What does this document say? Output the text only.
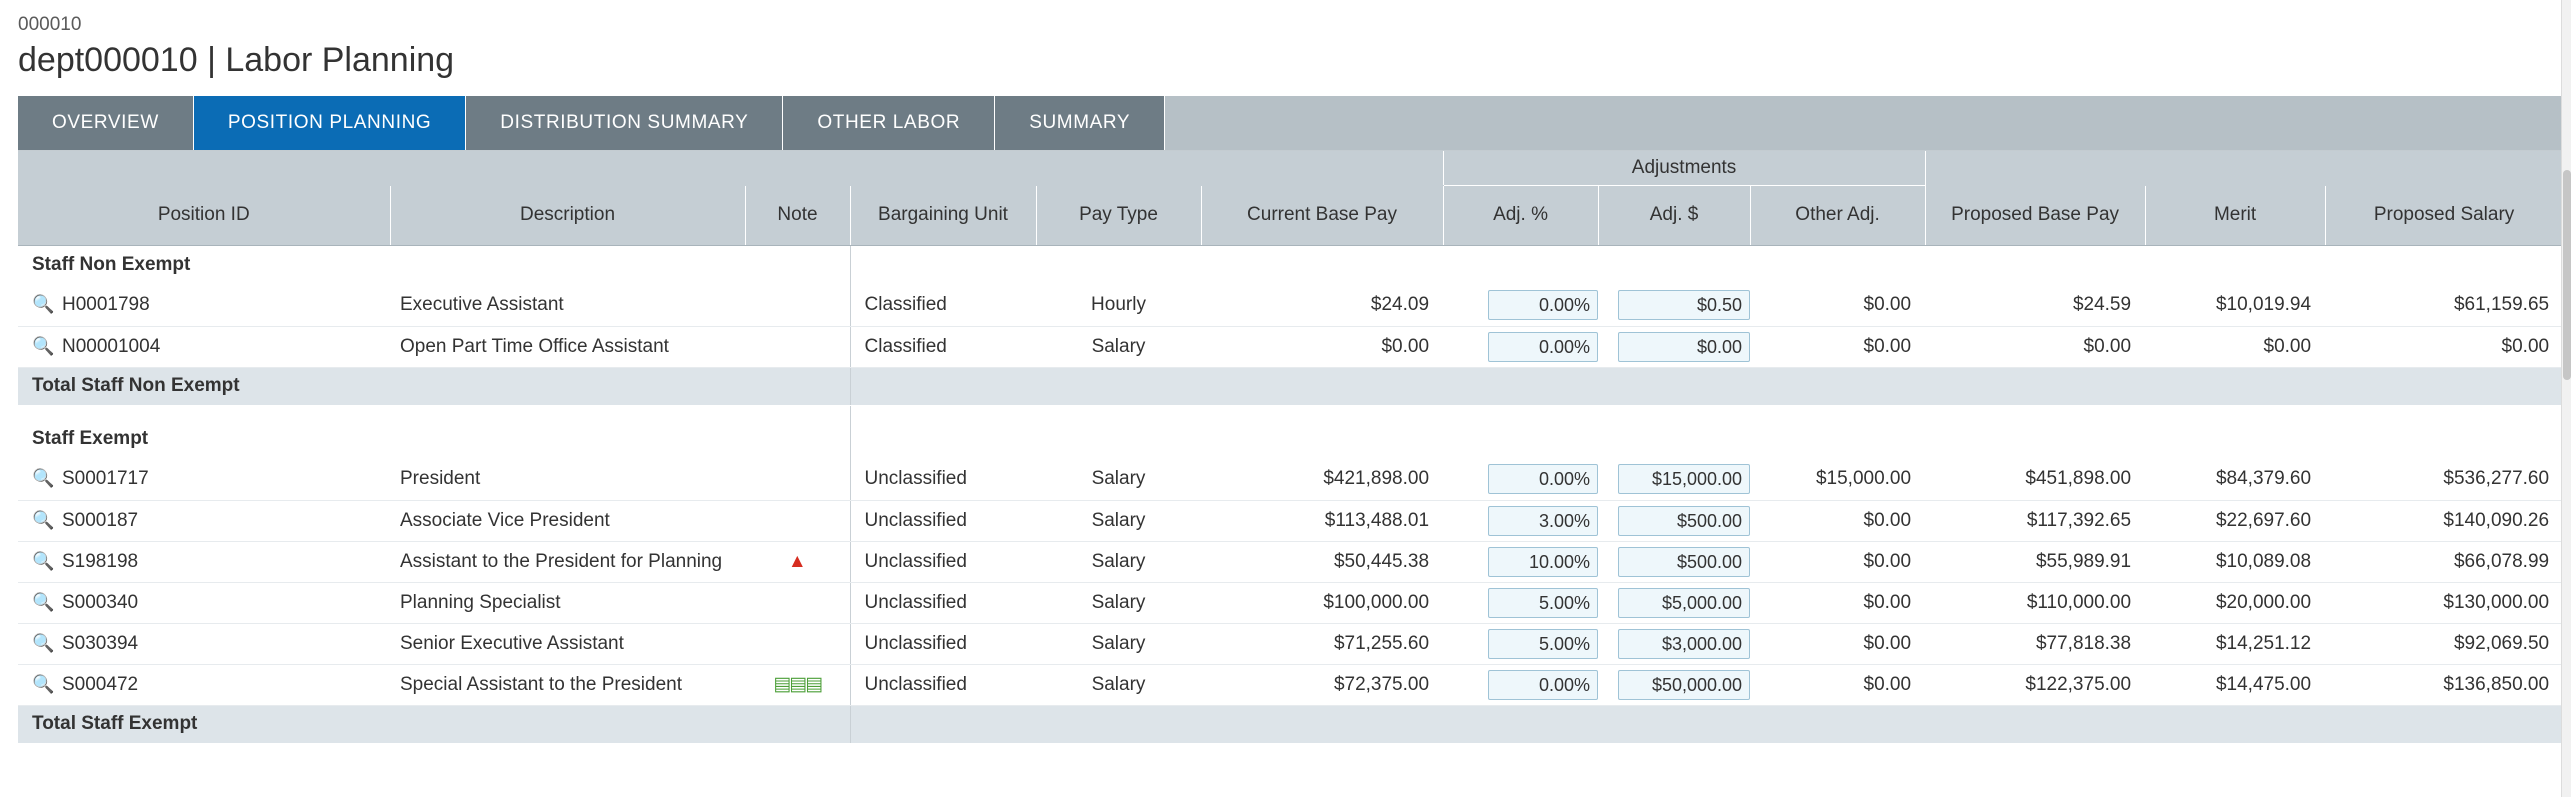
000010
dept000010 | Labor Planning
OVERVIEW	POSITION PLANNING	DISTRIBUTION SUMMARY	OTHER LABOR	SUMMARY
						Adjustments					
Position ID	Description	Note	Bargaining Unit	Pay Type	Current Base Pay	Adj. %	Adj. $	Other Adj.	Proposed Base Pay	Merit	Proposed Salary
Staff Non Exempt											
🔍 H0001798	Executive Assistant		Classified	Hourly	$24.09	0.00%	$0.50	$0.00	$24.59	$10,019.94	$61,159.65
🔍 N00001004	Open Part Time Office Assistant		Classified	Salary	$0.00	0.00%	$0.00	$0.00	$0.00	$0.00	$0.00
Total Staff Non Exempt											

Staff Exempt											
🔍 S0001717	President		Unclassified	Salary	$421,898.00	0.00%	$15,000.00	$15,000.00	$451,898.00	$84,379.60	$536,277.60
🔍 S000187	Associate Vice President		Unclassified	Salary	$113,488.01	3.00%	$500.00	$0.00	$117,392.65	$22,697.60	$140,090.26
🔍 S198198	Assistant to the President for Planning	▲	Unclassified	Salary	$50,445.38	10.00%	$500.00	$0.00	$55,989.91	$10,089.08	$66,078.99
🔍 S000340	Planning Specialist		Unclassified	Salary	$100,000.00	5.00%	$5,000.00	$0.00	$110,000.00	$20,000.00	$130,000.00
🔍 S030394	Senior Executive Assistant		Unclassified	Salary	$71,255.60	5.00%	$3,000.00	$0.00	$77,818.38	$14,251.12	$92,069.50
🔍 S000472	Special Assistant to the President	▤▤▤	Unclassified	Salary	$72,375.00	0.00%	$50,000.00	$0.00	$122,375.00	$14,475.00	$136,850.00
Total Staff Exempt											
